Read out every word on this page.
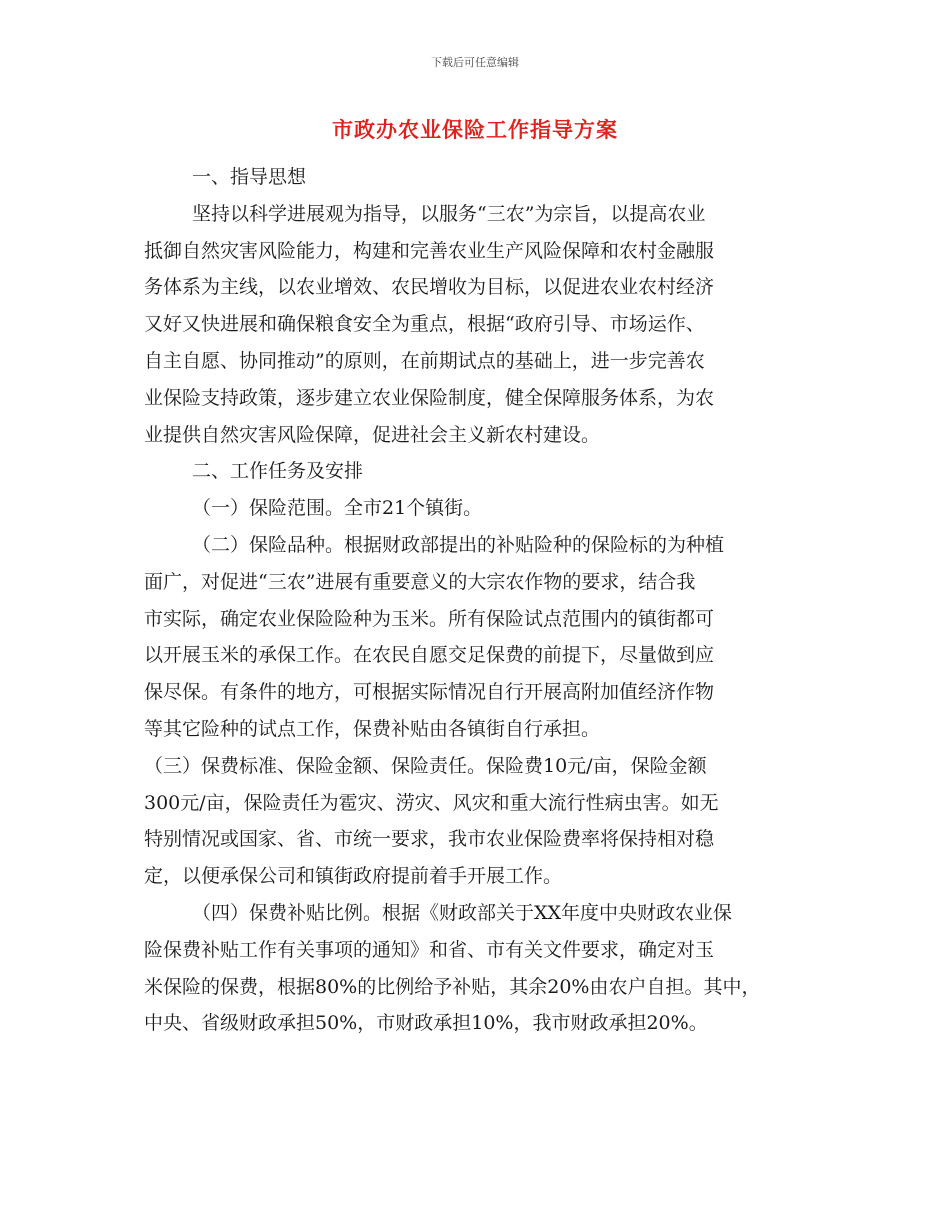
下载后可任意编辑
市政办农业保险工作指导方案

一、指导思想

坚持以科学进展观为指导，以服务“三农”为宗旨，以提高农业

抵御自然灾害风险能力，构建和完善农业生产风险保障和农村金融服

务体系为主线，以农业增效、农民增收为目标，以促进农业农村经济

又好又快进展和确保粮食安全为重点，根据“政府引导、市场运作、

自主自愿、协同推动”的原则，在前期试点的基础上，进一步完善农

业保险支持政策，逐步建立农业保险制度，健全保障服务体系，为农

业提供自然灾害风险保障，促进社会主义新农村建设。

二、工作任务及安排

（一）保险范围。全市21个镇街。

（二）保险品种。根据财政部提出的补贴险种的保险标的为种植

面广，对促进“三农”进展有重要意义的大宗农作物的要求，结合我

市实际，确定农业保险险种为玉米。所有保险试点范围内的镇街都可

以开展玉米的承保工作。在农民自愿交足保费的前提下，尽量做到应

保尽保。有条件的地方，可根据实际情况自行开展高附加值经济作物

等其它险种的试点工作，保费补贴由各镇街自行承担。

（三）保费标准、保险金额、保险责任。保险费10元/亩，保险金额

300元/亩，保险责任为雹灾、涝灾、风灾和重大流行性病虫害。如无

特别情况或国家、省、市统一要求，我市农业保险费率将保持相对稳

定，以便承保公司和镇街政府提前着手开展工作。

（四）保费补贴比例。根据《财政部关于XX年度中央财政农业保

险保费补贴工作有关事项的通知》和省、市有关文件要求，确定对玉

米保险的保费，根据80%的比例给予补贴，其余20%由农户自担。其中，

中央、省级财政承担50%，市财政承担10%，我市财政承担20%。
